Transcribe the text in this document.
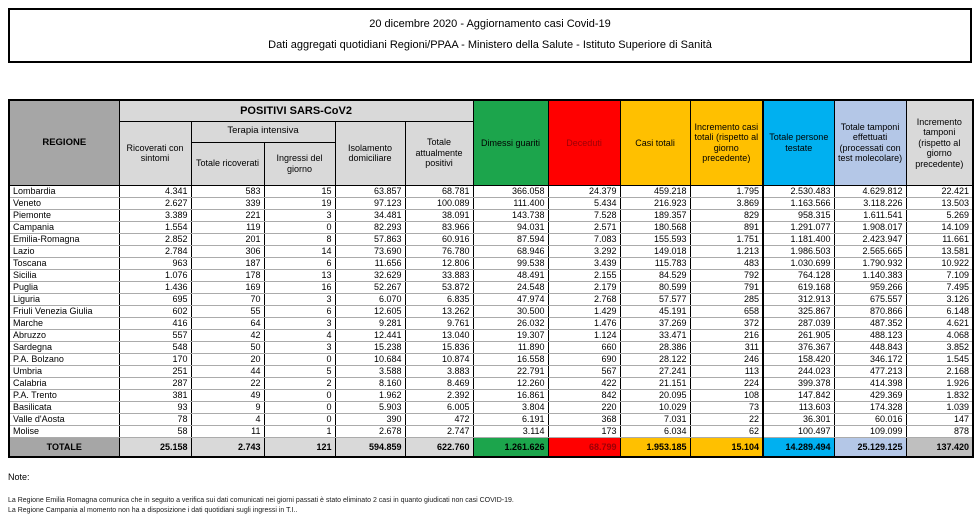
20 dicembre 2020 - Aggiornamento casi Covid-19
Dati aggregati quotidiani Regioni/PPAA - Ministero della Salute - Istituto Superiore di Sanità
REGIONE	POSITIVI SARS-CoV2					Dimessi guariti	Deceduti	Casi totali	Incremento casi totali (rispetto al giorno precedente)	Totale persone testate	Totale tamponi effettuati (processati con test molecolare)	Incremento tamponi (rispetto al giorno precedente)
	Ricoverati con sintomi	Terapia intensiva		Isolamento domiciliare	Totale attualmente positivi							
		Totale ricoverati	Ingressi del giorno									
Lombardia	4.341	583	15	63.857	68.781	366.058	24.379	459.218	1.795	2.530.483	4.629.812	22.421
Veneto	2.627	339	19	97.123	100.089	111.400	5.434	216.923	3.869	1.163.566	3.118.226	13.503
Piemonte	3.389	221	3	34.481	38.091	143.738	7.528	189.357	829	958.315	1.611.541	5.269
Campania	1.554	119	0	82.293	83.966	94.031	2.571	180.568	891	1.291.077	1.908.017	14.109
Emilia-Romagna	2.852	201	8	57.863	60.916	87.594	7.083	155.593	1.751	1.181.400	2.423.947	11.661
Lazio	2.784	306	14	73.690	76.780	68.946	3.292	149.018	1.213	1.986.503	2.565.665	13.581
Toscana	963	187	6	11.656	12.806	99.538	3.439	115.783	483	1.030.699	1.790.932	10.922
Sicilia	1.076	178	13	32.629	33.883	48.491	2.155	84.529	792	764.128	1.140.383	7.109
Puglia	1.436	169	16	52.267	53.872	24.548	2.179	80.599	791	619.168	959.266	7.495
Liguria	695	70	3	6.070	6.835	47.974	2.768	57.577	285	312.913	675.557	3.126
Friuli Venezia Giulia	602	55	6	12.605	13.262	30.500	1.429	45.191	658	325.867	870.866	6.148
Marche	416	64	3	9.281	9.761	26.032	1.476	37.269	372	287.039	487.352	4.621
Abruzzo	557	42	4	12.441	13.040	19.307	1.124	33.471	216	261.905	488.123	4.068
Sardegna	548	50	3	15.238	15.836	11.890	660	28.386	311	376.367	448.843	3.852
P.A. Bolzano	170	20	0	10.684	10.874	16.558	690	28.122	246	158.420	346.172	1.545
Umbria	251	44	5	3.588	3.883	22.791	567	27.241	113	244.023	477.213	2.168
Calabria	287	22	2	8.160	8.469	12.260	422	21.151	224	399.378	414.398	1.926
P.A. Trento	381	49	0	1.962	2.392	16.861	842	20.095	108	147.842	429.369	1.832
Basilicata	93	9	0	5.903	6.005	3.804	220	10.029	73	113.603	174.328	1.039
Valle d'Aosta	78	4	0	390	472	6.191	368	7.031	22	36.301	60.016	147
Molise	58	11	1	2.678	2.747	3.114	173	6.034	62	100.497	109.099	878
TOTALE	25.158	2.743	121	594.859	622.760	1.261.626	68.799	1.953.185	15.104	14.289.494	25.129.125	137.420
Note:
La Regione Emilia Romagna comunica che in seguito a verifica sui dati comunicati nei giorni passati è stato eliminato 2 casi in quanto giudicati non casi COVID-19.
La Regione Campania al momento non ha a disposizione i dati quotidiani sugli ingressi in T.I..
